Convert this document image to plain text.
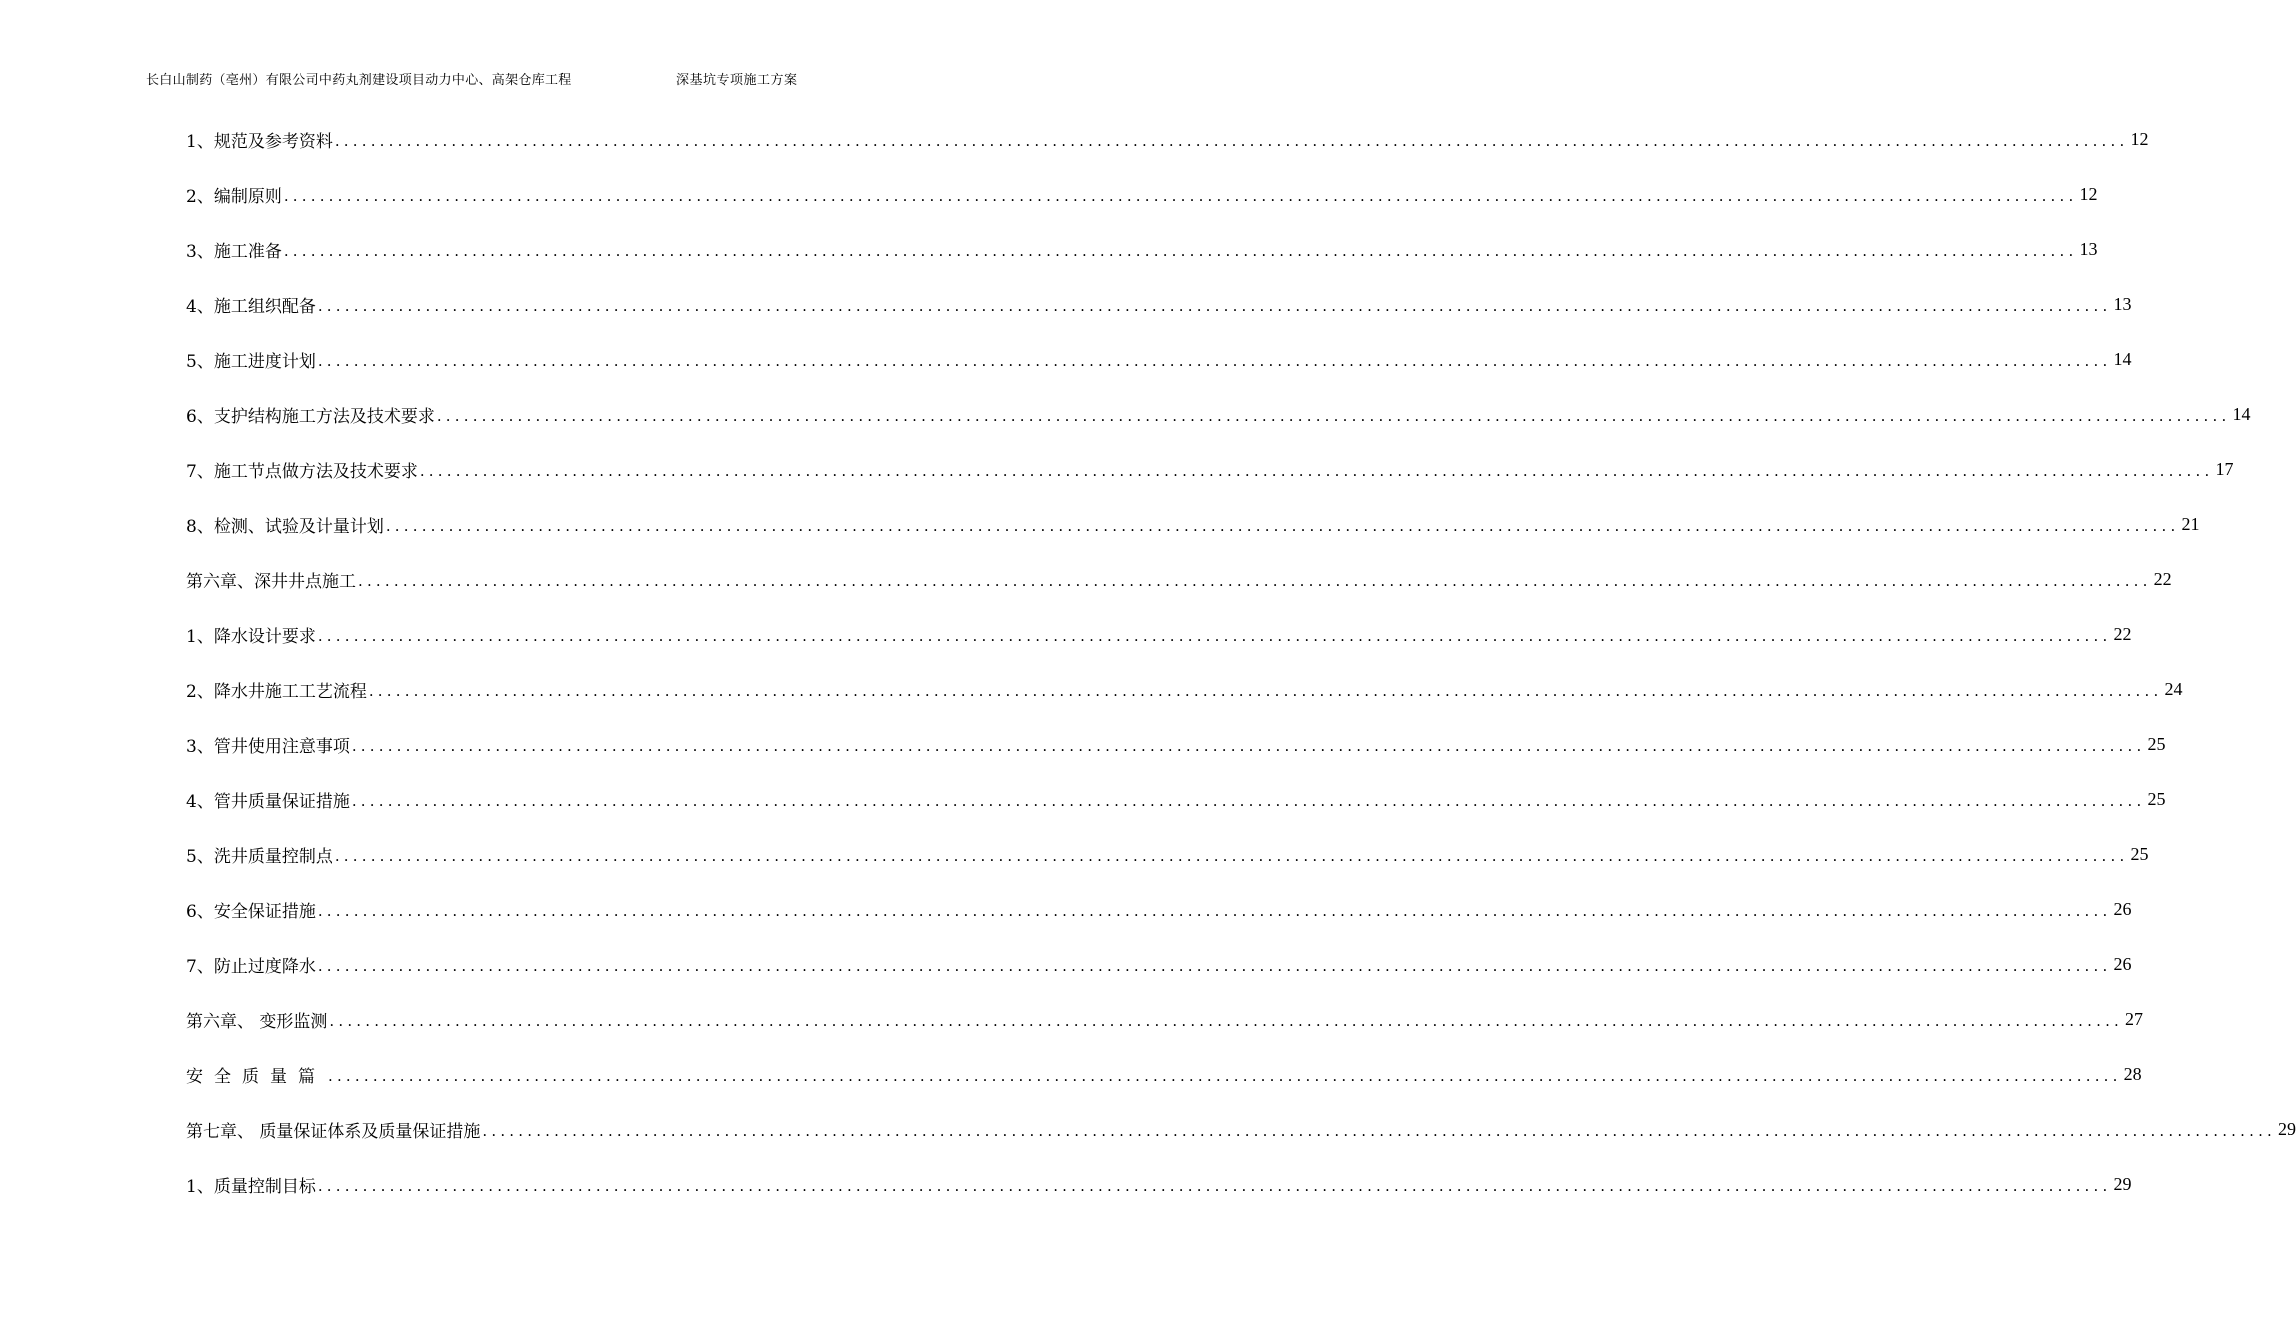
长白山制药（亳州）有限公司中药丸剂建设项目动力中心、高架仓库工程	深基坑专项施工方案
1、规范及参考资料 ........................................................................................................................................................................................................ 12
2、编制原则 ........................................................................................................................................................................................................ 12
3、施工准备 ........................................................................................................................................................................................................ 13
4、施工组织配备 ........................................................................................................................................................................................................ 13
5、施工进度计划 ........................................................................................................................................................................................................ 14
6、支护结构施工方法及技术要求 ........................................................................................................................................................................................................ 14
7、施工节点做方法及技术要求 ........................................................................................................................................................................................................ 17
8、检测、试验及计量计划 ........................................................................................................................................................................................................ 21
第六章、深井井点施工 ........................................................................................................................................................................................................ 22
1、降水设计要求 ........................................................................................................................................................................................................ 22
2、降水井施工工艺流程 ........................................................................................................................................................................................................ 24
3、管井使用注意事项 ........................................................................................................................................................................................................ 25
4、管井质量保证措施 ........................................................................................................................................................................................................ 25
5、洗井质量控制点 ........................................................................................................................................................................................................ 25
6、安全保证措施 ........................................................................................................................................................................................................ 26
7、防止过度降水 ........................................................................................................................................................................................................ 26
第六章、 变形监测 ........................................................................................................................................................................................................ 27
安全质量篇 ........................................................................................................................................................................................................ 28
第七章、 质量保证体系及质量保证措施 ........................................................................................................................................................................................................ 29
1、质量控制目标 ........................................................................................................................................................................................................ 29
